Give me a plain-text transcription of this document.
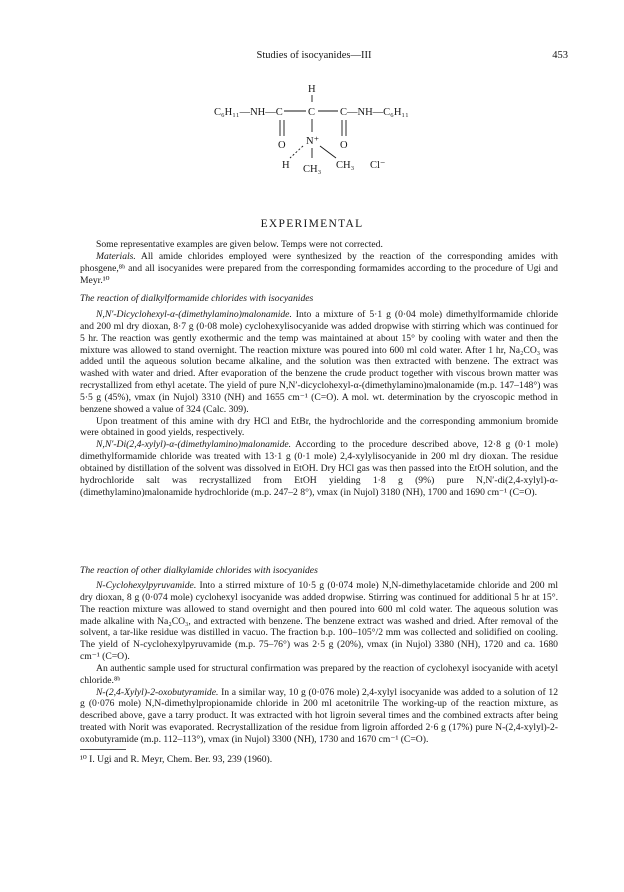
Studies of isocyanides—III	453
H
C₆H₁₁—NH—C C C—NH—C₆H₁₁
O N⁺ O
H CH₃ CH₃ Cl⁻
EXPERIMENTAL

Some representative examples are given below. Temps were not corrected.

Materials. All amide chlorides employed were synthesized by the reaction of the corresponding amides with phosgene,⁸ᵇ and all isocyanides were prepared from the corresponding formamides according to the procedure of Ugi and Meyr.¹⁰

The reaction of dialkylformamide chlorides with isocyanides

N,N′-Dicyclohexyl-α-(dimethylamino)malonamide. Into a mixture of 5·1 g (0·04 mole) dimethylformamide chloride and 200 ml dry dioxan, 8·7 g (0·08 mole) cyclohexylisocyanide was added dropwise with stirring which was continued for 5 hr. The reaction was gently exothermic and the temp was maintained at about 15° by cooling with water and then the mixture was allowed to stand overnight. The reaction mixture was poured into 600 ml cold water. After 1 hr, Na₂CO₃ was added until the aqueous solution became alkaline, and the solution was then extracted with benzene. The extract was washed with water and dried. After evaporation of the benzene the crude product together with viscous brown matter was recrystallized from ethyl acetate. The yield of pure N,N′-dicyclohexyl-α-(dimethylamino)malonamide (m.p. 147–148°) was 5·5 g (45%), νmax (in Nujol) 3310 (NH) and 1655 cm⁻¹ (C=O). A mol. wt. determination by the cryoscopic method in benzene showed a value of 324 (Calc. 309).

Upon treatment of this amine with dry HCl and EtBr, the hydrochloride and the corresponding ammonium bromide were obtained in good yields, respectively.

N,N′-Di(2,4-xylyl)-α-(dimethylamino)malonamide. According to the procedure described above, 12·8 g (0·1 mole) dimethylformamide chloride was treated with 13·1 g (0·1 mole) 2,4-xylylisocyanide in 200 ml dry dioxan. The residue obtained by distillation of the solvent was dissolved in EtOH. Dry HCl gas was then passed into the EtOH solution, and the hydrochloride salt was recrystallized from EtOH yielding 1·8 g (9%) pure N,N′-di(2,4-xylyl)-α-(dimethylamino)malonamide hydrochloride (m.p. 247–2 8°), νmax (in Nujol) 3180 (NH), 1700 and 1690 cm⁻¹ (C=O).

The reaction of other dialkylamide chlorides with isocyanides

N-Cyclohexylpyruvamide. Into a stirred mixture of 10·5 g (0·074 mole) N,N-dimethylacetamide chloride and 200 ml dry dioxan, 8 g (0·074 mole) cyclohexyl isocyanide was added dropwise. Stirring was continued for additional 5 hr at 15°. The reaction mixture was allowed to stand overnight and then poured into 600 ml cold water. The aqueous solution was made alkaline with Na₂CO₃, and extracted with benzene. The benzene extract was washed and dried. After removal of the solvent, a tar-like residue was distilled in vacuo. The fraction b.p. 100–105°/2 mm was collected and solidified on cooling. The yield of N-cyclohexylpyruvamide (m.p. 75–76°) was 2·5 g (20%), νmax (in Nujol) 3380 (NH), 1720 and ca. 1680 cm⁻¹ (C=O).

An authentic sample used for structural confirmation was prepared by the reaction of cyclohexyl isocyanide with acetyl chloride.⁸ᵇ

N-(2,4-Xylyl)-2-oxobutyramide. In a similar way, 10 g (0·076 mole) 2,4-xylyl isocyanide was added to a solution of 12 g (0·076 mole) N,N-dimethylpropionamide chloride in 200 ml acetonitrile The working-up of the reaction mixture, as described above, gave a tarry product. It was extracted with hot ligroin several times and the combined extracts after being treated with Norit was evaporated. Recrystallization of the residue from ligroin afforded 2·6 g (17%) pure N-(2,4-xylyl)-2-oxobutyramide (m.p. 112–113°), νmax (in Nujol) 3300 (NH), 1730 and 1670 cm⁻¹ (C=O).

¹⁰ I. Ugi and R. Meyr, Chem. Ber. 93, 239 (1960).
